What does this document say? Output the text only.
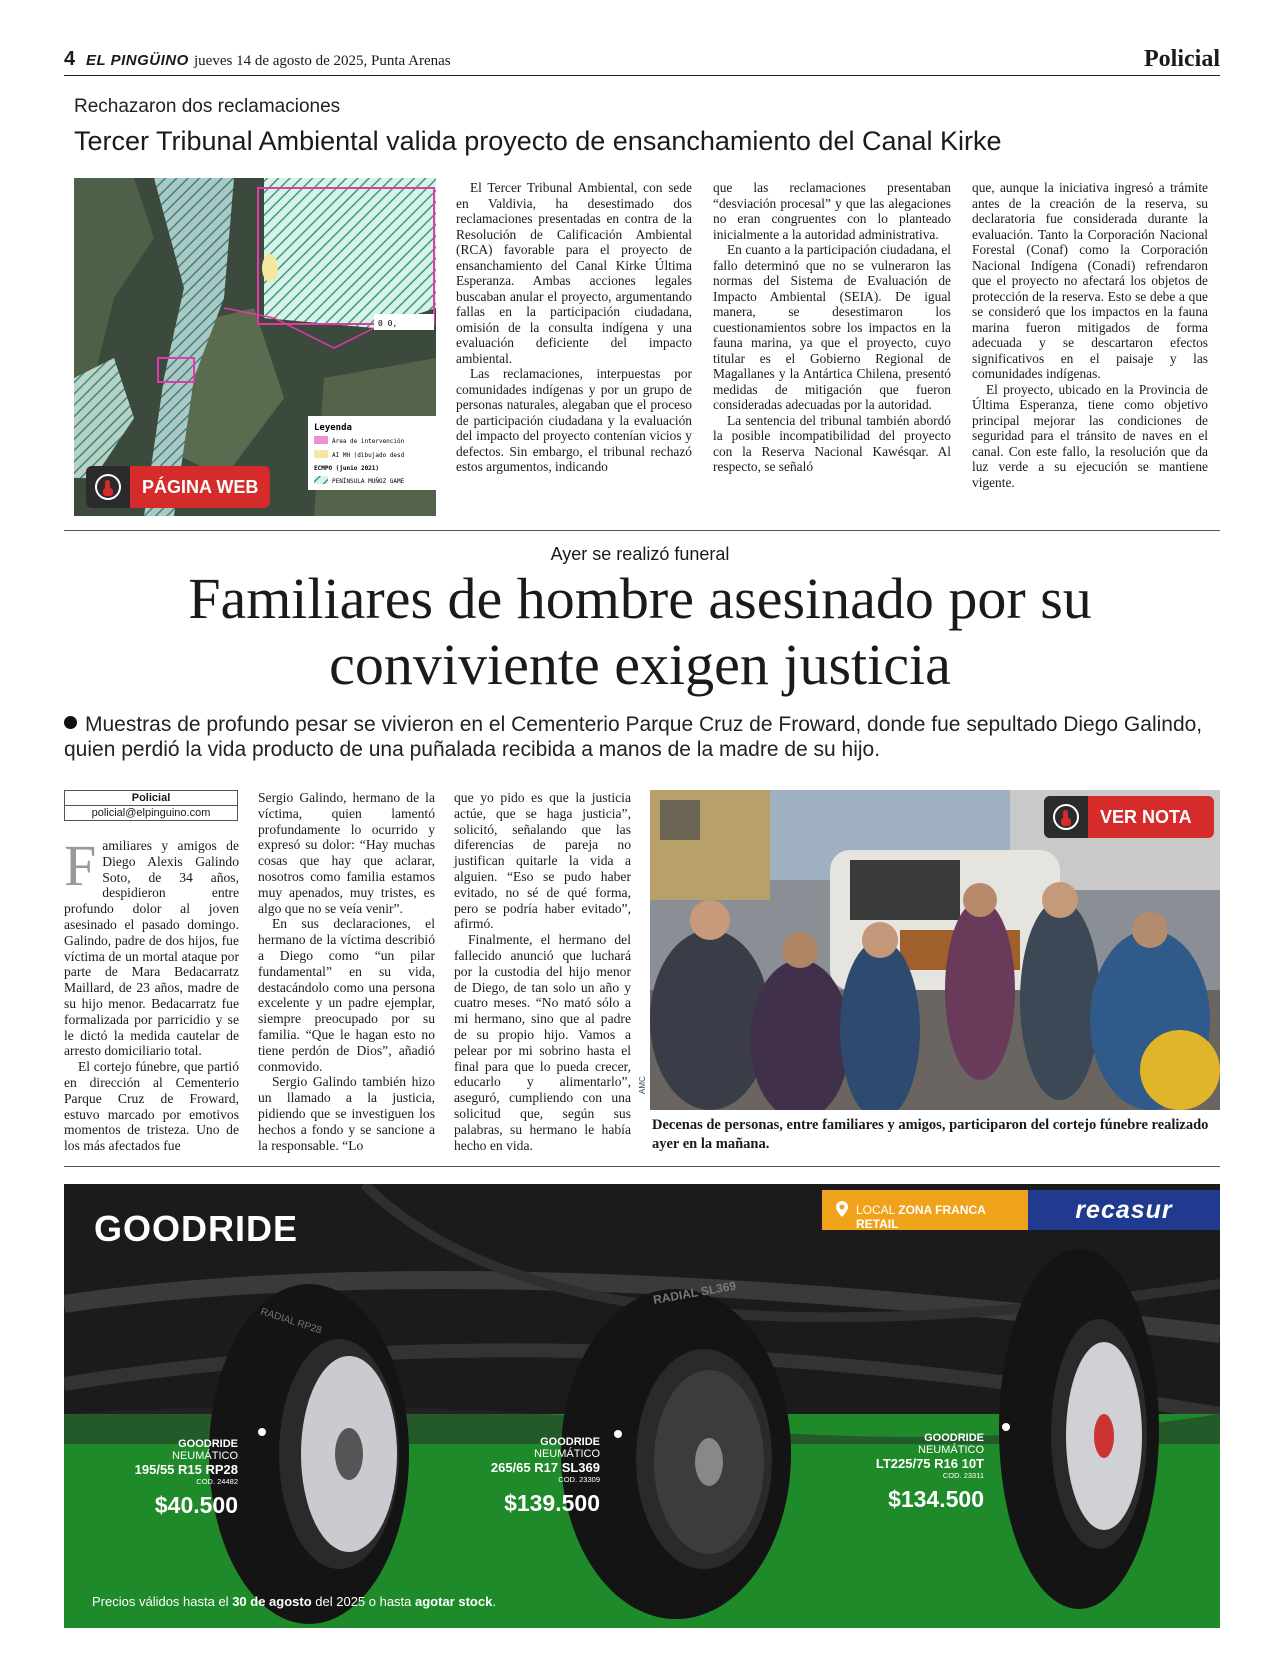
4 EL PINGÜINO jueves 14 de agosto de 2025, Punta Arenas	Policial
Rechazaron dos reclamaciones
Tercer Tribunal Ambiental valida proyecto de ensanchamiento del Canal Kirke
0 0,
Leyenda
Área de intervención
AI MH (dibujado desd
ECMPO (junio 2021)
PENÍNSULA MUÑOZ GAME
PÁGINA WEB

El Tercer Tribunal Ambiental, con sede en Valdivia, ha desestimado dos reclamaciones presentadas en contra de la Resolución de Calificación Ambiental (RCA) favorable para el proyecto de ensanchamiento del Canal Kirke Última Esperanza. Ambas acciones legales buscaban anular el proyecto, argumentando fallas en la participación ciudadana, omisión de la consulta indígena y una evaluación deficiente del impacto ambiental.

Las reclamaciones, interpuestas por comunidades indígenas y por un grupo de personas naturales, alegaban que el proceso de participación ciudadana y la evaluación del impacto del proyecto contenían vicios y defectos. Sin embargo, el tribunal rechazó estos argumentos, indicando

que las reclamaciones presentaban “desviación procesal” y que las alegaciones no eran congruentes con lo planteado inicialmente a la autoridad administrativa.

En cuanto a la participación ciudadana, el fallo determinó que no se vulneraron las normas del Sistema de Evaluación de Impacto Ambiental (SEIA). De igual manera, se desestimaron los cuestionamientos sobre los impactos en la fauna marina, ya que el proyecto, cuyo titular es el Gobierno Regional de Magallanes y la Antártica Chilena, presentó medidas de mitigación que fueron consideradas adecuadas por la autoridad.

La sentencia del tribunal también abordó la posible incompatibilidad del proyecto con la Reserva Nacional Kawésqar. Al respecto, se señaló

que, aunque la iniciativa ingresó a trámite antes de la creación de la reserva, su declaratoria fue considerada durante la evaluación. Tanto la Corporación Nacional Forestal (Conaf) como la Corporación Nacional Indígena (Conadi) refrendaron que el proyecto no afectará los objetos de protección de la reserva. Esto se debe a que se consideró que los impactos en la fauna marina fueron mitigados de forma adecuada y se descartaron efectos significativos en el paisaje y las comunidades indígenas.

El proyecto, ubicado en la Provincia de Última Esperanza, tiene como objetivo principal mejorar las condiciones de seguridad para el tránsito de naves en el canal. Con este fallo, la resolución que da luz verde a su ejecución se mantiene vigente.

Ayer se realizó funeral
Familiares de hombre asesinado por su conviviente exigen justicia
Muestras de profundo pesar se vivieron en el Cementerio Parque Cruz de Froward, donde fue sepultado Diego Galindo, quien perdió la vida producto de una puñalada recibida a manos de la madre de su hijo.
Policial
policial@elpinguino.com

Familiares y amigos de Diego Alexis Galindo Soto, de 34 años, despidieron entre profundo dolor al joven asesinado el pasado domingo. Galindo, padre de dos hijos, fue víctima de un mortal ataque por parte de Mara Bedacarratz Maillard, de 23 años, madre de su hijo menor. Bedacarratz fue formalizada por parricidio y se le dictó la medida cautelar de arresto domiciliario total.

El cortejo fúnebre, que partió en dirección al Cementerio Parque Cruz de Froward, estuvo marcado por emotivos momentos de tristeza. Uno de los más afectados fue

Sergio Galindo, hermano de la víctima, quien lamentó profundamente lo ocurrido y expresó su dolor: “Hay muchas cosas que hay que aclarar, nosotros como familia estamos muy apenados, muy tristes, es algo que no se veía venir”.

En sus declaraciones, el hermano de la víctima describió a Diego como “un pilar fundamental” en su vida, destacándolo como una persona excelente y un padre ejemplar, siempre preocupado por su familia. “Que le hagan esto no tiene perdón de Dios”, añadió conmovido.

Sergio Galindo también hizo un llamado a la justicia, pidiendo que se investiguen los hechos a fondo y se sancione a la responsable. “Lo

que yo pido es que la justicia actúe, que se haga justicia”, solicitó, señalando que las diferencias de pareja no justifican quitarle la vida a alguien. “Eso se pudo haber evitado, no sé de qué forma, pero se podría haber evitado”, afirmó.

Finalmente, el hermano del fallecido anunció que luchará por la custodia del hijo menor de Diego, de tan solo un año y cuatro meses. “No mató sólo a mi hermano, sino que al padre de su propio hijo. Vamos a pelear por mi sobrino hasta el final para que lo pueda crecer, educarlo y alimentarlo”, aseguró, cumpliendo con una solicitud que, según sus palabras, su hermano le había hecho en vida.

VER NOTA
AMC
Decenas de personas, entre familiares y amigos, participaron del cortejo fúnebre realizado ayer en la mañana.
RADIAL RP28
RADIAL SL369
GOODRIDE	LOCAL ZONA FRANCA RETAIL	recasur
GOODRIDE
NEUMÁTICO
195/55 R15 RP28
COD. 24482
$40.500
GOODRIDE
NEUMÁTICO
265/65 R17 SL369
COD. 23309
$139.500
GOODRIDE
NEUMÁTICO
LT225/75 R16 10T
COD. 23311
$134.500
Precios válidos hasta el 30 de agosto del 2025 o hasta agotar stock.
